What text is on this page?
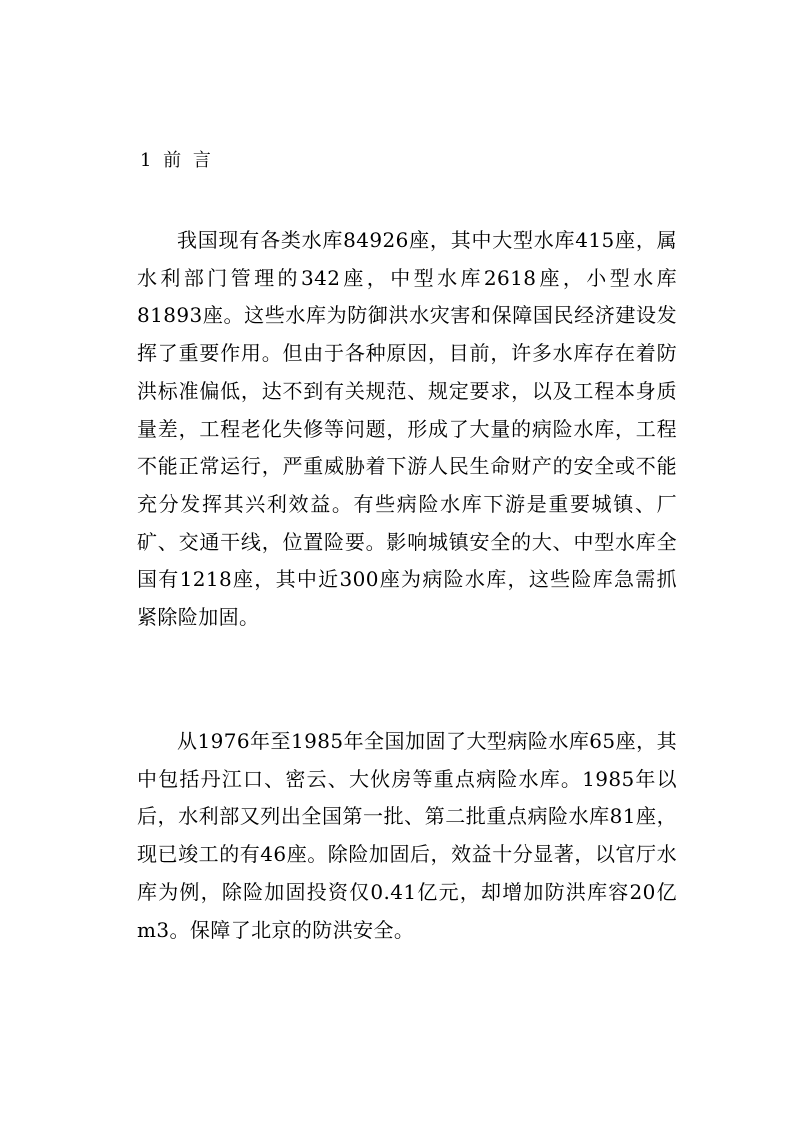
1 前 言

我国现有各类水库84926座，其中大型水库415座，属水利部门管理的342座，中型水库2618座，小型水库81893座。这些水库为防御洪水灾害和保障国民经济建设发挥了重要作用。但由于各种原因，目前，许多水库存在着防洪标准偏低，达不到有关规范、规定要求，以及工程本身质量差，工程老化失修等问题，形成了大量的病险水库，工程不能正常运行，严重威胁着下游人民生命财产的安全或不能充分发挥其兴利效益。有些病险水库下游是重要城镇、厂矿、交通干线，位置险要。影响城镇安全的大、中型水库全国有1218座，其中近300座为病险水库，这些险库急需抓紧除险加固。

从1976年至1985年全国加固了大型病险水库65座，其中包括丹江口、密云、大伙房等重点病险水库。1985年以后，水利部又列出全国第一批、第二批重点病险水库81座，现已竣工的有46座。除险加固后，效益十分显著，以官厅水库为例，除险加固投资仅0.41亿元，却增加防洪库容20亿m3。保障了北京的防洪安全。
